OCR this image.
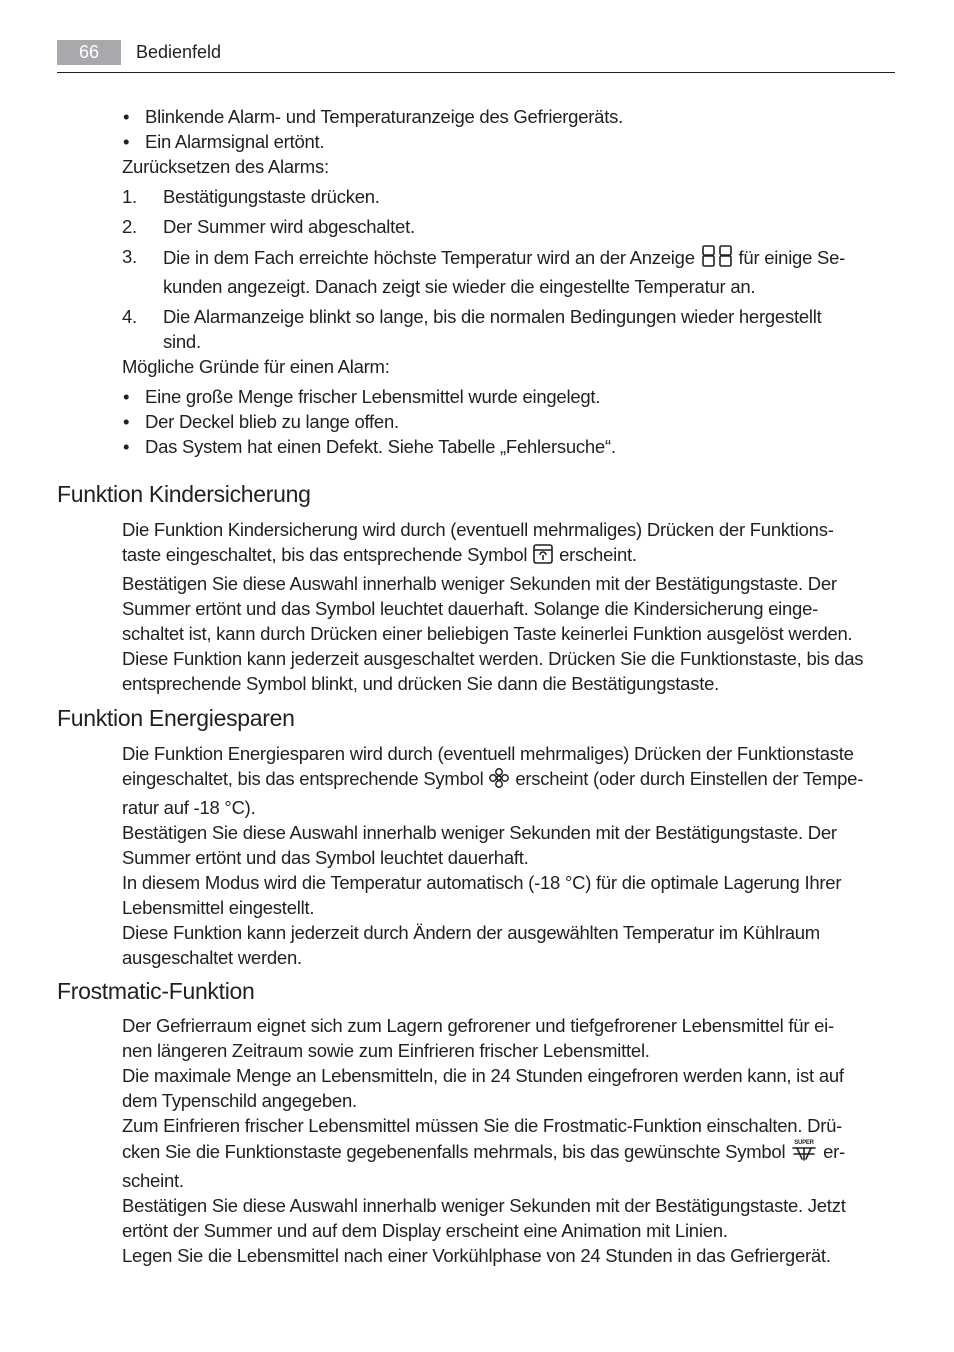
66	Bedienfeld

• Blinkende Alarm- und Temperaturanzeige des Gefriergeräts.

• Ein Alarmsignal ertönt.

Zurücksetzen des Alarms:

1. Bestätigungstaste drücken.
2. Der Summer wird abgeschaltet.
3. Die in dem Fach erreichte höchste Temperatur wird an der Anzeige für einige Se-
kunden angezeigt. Danach zeigt sie wieder die eingestellte Temperatur an.
4. Die Alarmanzeige blinkt so lange, bis die normalen Bedingungen wieder hergestellt
sind.

Mögliche Gründe für einen Alarm:

• Eine große Menge frischer Lebensmittel wurde eingelegt.

• Der Deckel blieb zu lange offen.

• Das System hat einen Defekt. Siehe Tabelle „Fehlersuche“.

Funktion Kindersicherung

Die Funktion Kindersicherung wird durch (eventuell mehrmaliges) Drücken der Funktions-
taste eingeschaltet, bis das entsprechende Symbol erscheint.

Bestätigen Sie diese Auswahl innerhalb weniger Sekunden mit der Bestätigungstaste. Der
Summer ertönt und das Symbol leuchtet dauerhaft. Solange die Kindersicherung einge-
schaltet ist, kann durch Drücken einer beliebigen Taste keinerlei Funktion ausgelöst werden.

Diese Funktion kann jederzeit ausgeschaltet werden. Drücken Sie die Funktionstaste, bis das
entsprechende Symbol blinkt, und drücken Sie dann die Bestätigungstaste.

Funktion Energiesparen

Die Funktion Energiesparen wird durch (eventuell mehrmaliges) Drücken der Funktionstaste
eingeschaltet, bis das entsprechende Symbol erscheint (oder durch Einstellen der Tempe-
ratur auf -18 °C).

Bestätigen Sie diese Auswahl innerhalb weniger Sekunden mit der Bestätigungstaste. Der
Summer ertönt und das Symbol leuchtet dauerhaft.

In diesem Modus wird die Temperatur automatisch (-18 °C) für die optimale Lagerung Ihrer
Lebensmittel eingestellt.

Diese Funktion kann jederzeit durch Ändern der ausgewählten Temperatur im Kühlraum
ausgeschaltet werden.

Frostmatic-Funktion

Der Gefrierraum eignet sich zum Lagern gefrorener und tiefgefrorener Lebensmittel für ei-
nen längeren Zeitraum sowie zum Einfrieren frischer Lebensmittel.

Die maximale Menge an Lebensmitteln, die in 24 Stunden eingefroren werden kann, ist auf
dem Typenschild angegeben.

Zum Einfrieren frischer Lebensmittel müssen Sie die Frostmatic-Funktion einschalten. Drü-
cken Sie die Funktionstaste gegebenenfalls mehrmals, bis das gewünschte Symbol SUPER er-
scheint.

Bestätigen Sie diese Auswahl innerhalb weniger Sekunden mit der Bestätigungstaste. Jetzt
ertönt der Summer und auf dem Display erscheint eine Animation mit Linien.

Legen Sie die Lebensmittel nach einer Vorkühlphase von 24 Stunden in das Gefriergerät.
